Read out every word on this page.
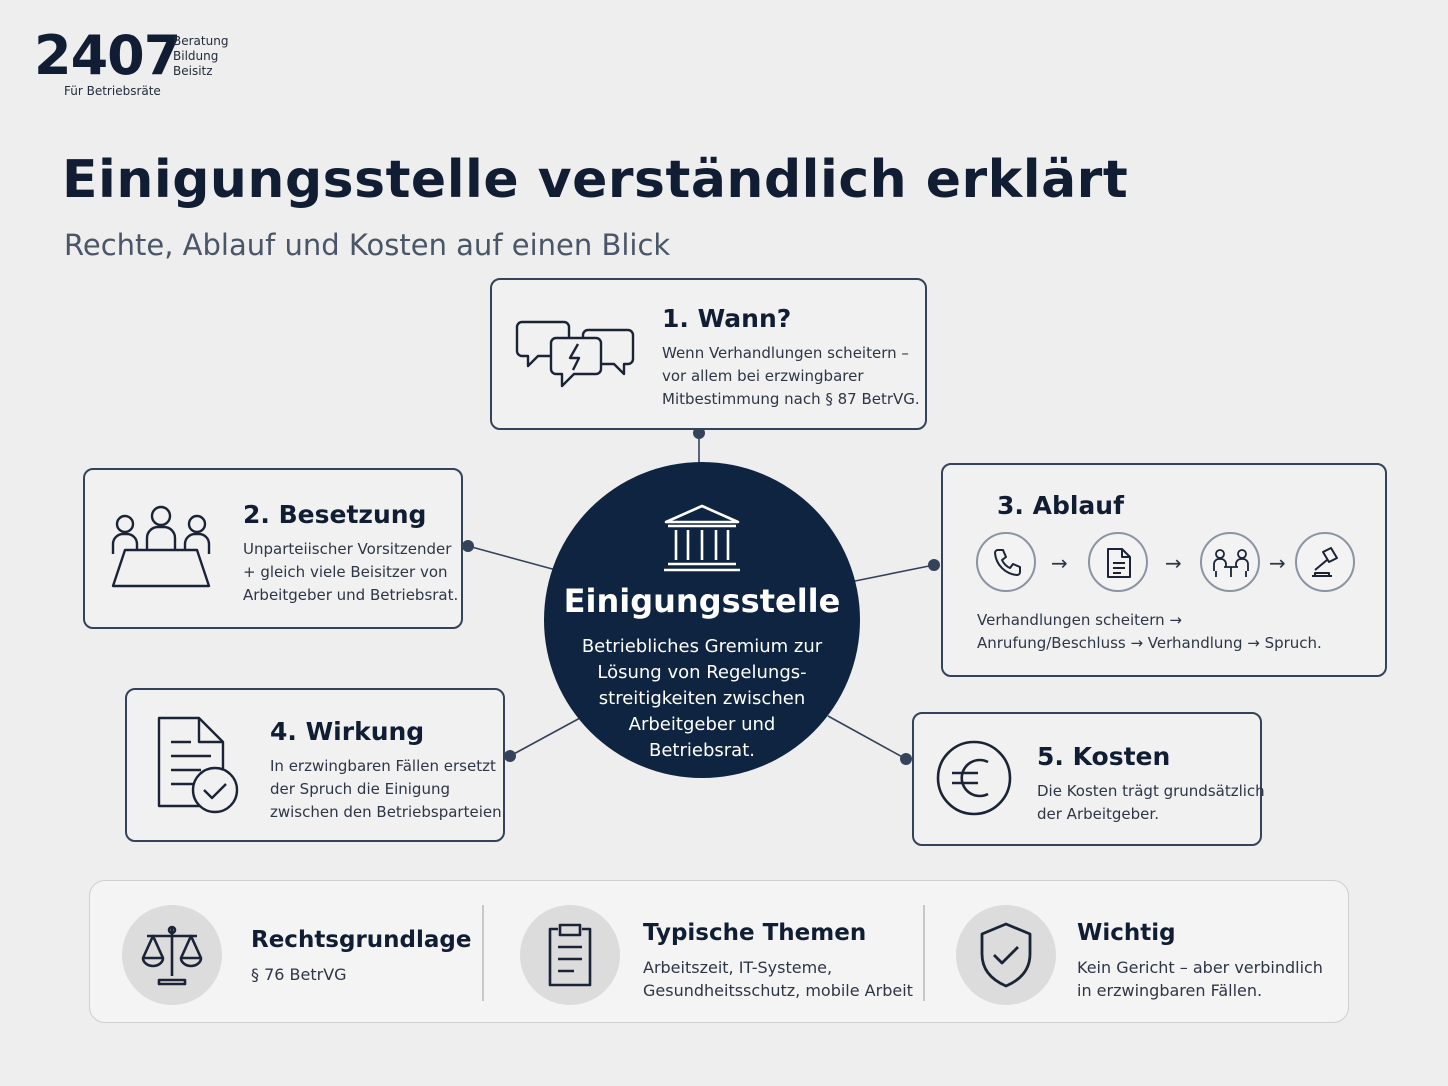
2407
Beratung
Bildung
Beisitz
Für Betriebsräte
Einigungsstelle verständlich erklärt
Rechte, Ablauf und Kosten auf einen Blick
1. Wann?
Wenn Verhandlungen scheitern –
vor allem bei erzwingbarer
Mitbestimmung nach § 87 BetrVG.
2. Besetzung
Unparteiischer Vorsitzender
+ gleich viele Beisitzer von
Arbeitgeber und Betriebsrat.
3. Ablauf
→	→	→
Verhandlungen scheitern →
Anrufung/Beschluss → Verhandlung → Spruch.
Einigungsstelle
Betriebliches Gremium zur
Lösung von Regelungs-
streitigkeiten zwischen
Arbeitgeber und
Betriebsrat.
4. Wirkung
In erzwingbaren Fällen ersetzt
der Spruch die Einigung
zwischen den Betriebsparteien.
5. Kosten
Die Kosten trägt grundsätzlich
der Arbeitgeber.
Rechtsgrundlage
§ 76 BetrVG
Typische Themen
Arbeitszeit, IT-Systeme,
Gesundheitsschutz, mobile Arbeit
Wichtig
Kein Gericht – aber verbindlich
in erzwingbaren Fällen.
